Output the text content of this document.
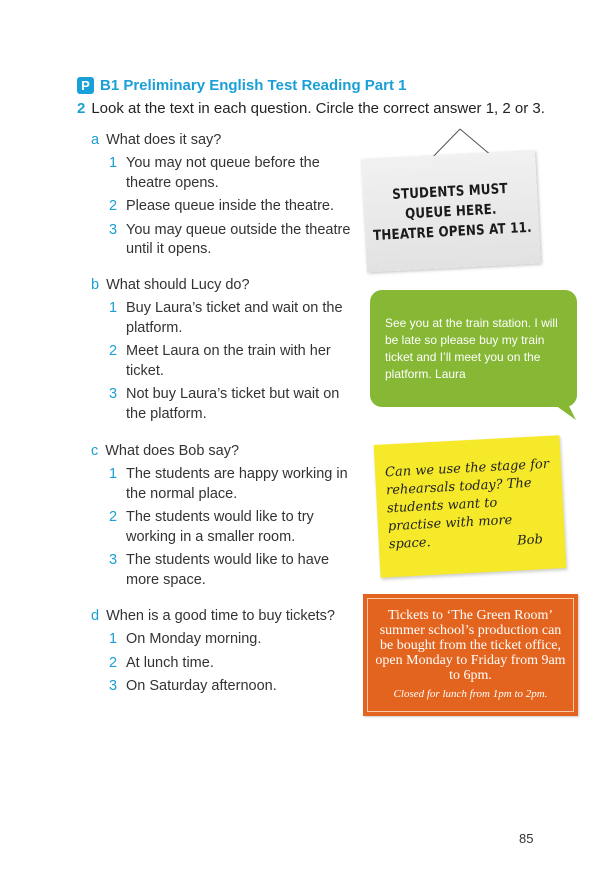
P B1 Preliminary English Test Reading Part 1
2 Look at the text in each question. Circle the correct answer 1, 2 or 3.
a What does it say?
1 You may not queue before the theatre opens.
2 Please queue inside the theatre.
3 You may queue outside the theatre until it opens.
b What should Lucy do?
1 Buy Laura’s ticket and wait on the platform.
2 Meet Laura on the train with her ticket.
3 Not buy Laura’s ticket but wait on the platform.
c What does Bob say?
1 The students are happy working in the normal place.
2 The students would like to try working in a smaller room.
3 The students would like to have more space.
d When is a good time to buy tickets?
1 On Monday morning.
2 At lunch time.
3 On Saturday afternoon.
STUDENTS MUST
QUEUE HERE.
THEATRE OPENS AT 11.

See you at the train station. I will be late so please buy my train ticket and I’ll meet you on the platform. Laura

Can we use the stage for rehearsals today? The students want to practise with more space.	Bob
Tickets to ‘The Green Room’ summer school’s production can be bought from the ticket office, open Monday to Friday from 9am to 6pm.
Closed for lunch from 1pm to 2pm.
85
